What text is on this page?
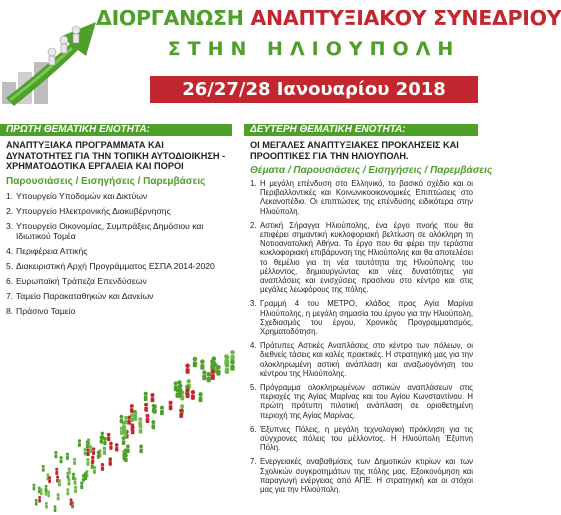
ΔΙΟΡΓΑΝΩΣΗ ΑΝΑΠΤΥΞΙΑΚΟΥ ΣΥΝΕΔΡΙΟΥ
ΣΤΗΝ ΗΛΙΟΥΠΟΛΗ
26/27/28 Ιανουαρίου 2018
ΠΡΩΤΗ ΘΕΜΑΤΙΚΗ ΕΝΟΤΗΤΑ:
ΑΝΑΠΤΥΞΙΑΚΑ ΠΡΟΓΡΑΜΜΑΤΑ ΚΑΙ ΔΥΝΑΤΟΤΗΤΕΣ ΓΙΑ ΤΗΝ ΤΟΠΙΚΗ ΑΥΤΟΔΙΟΙΚΗΣΗ - ΧΡΗΜΑΤΟΔΟΤΙΚΑ ΕΡΓΑΛΕΙΑ ΚΑΙ ΠΟΡΟΙ
Παρουσιάσεις / Εισηγήσεις / Παρεμβάσεις
1. Υπουργείο Υποδομών και Δικτύων
2. Υπουργείο Ηλεκτρονικής Διακυβέρνησης
3. Υπουργείο Οικονομίας, Συμπράξεις Δημόσιου και Ιδιωτικού Τομέα
4. Περιφέρεια Αττικής
5. Διακειριστική Αρχή Προγράμματος ΕΣΠΑ 2014-2020
6. Ευρωπαϊκή Τράπεζα Επενδύσεων
7. Ταμείο Παρακαταθηκών και Δανείων
8. Πράσινο Ταμείο
ΔΕΥΤΕΡΗ ΘΕΜΑΤΙΚΗ ΕΝΟΤΗΤΑ:
ΟΙ ΜΕΓΑΛΕΣ ΑΝΑΠΤΥΞΙΑΚΕΣ ΠΡΟΚΛΗΣΕΙΣ ΚΑΙ ΠΡΟΟΠΤΙΚΕΣ ΓΙΑ ΤΗΝ ΗΛΙΟΥΠΟΛΗ.
Θέματα / Παρουσιάσεις / Εισηγήσεις / Παρεμβάσεις
1. Η μεγάλη επένδυση στο Ελληνικό, το βασικό σχέδιο και οι Περιβαλλοντικές και Κοινωνικοοικονομικές Επιπτώσεις στο Λεκανοπέδιο. Οι επιπτώσεις της επένδυσης ειδικότερα στην Ηλιούπολη.
2. Αστική Σήραγγα Ηλιούπολης, ένα έργο πνοής που θα επιφέρει σημαντική κυκλοφοριακή βελτίωση σε ολόκληρη τη Νοτιοανατολική Αθήνα. Το έργο που θα φέρει την τεράστια κυκλοφοριακή επιβάρυνση της Ηλιούπολης και θα αποτελέσει το θεμέλιο για τη νέα ταυτότητα της Ηλιούπολης του μέλλοντος, δημιουργώντας και νέες δυνατότητες για αναπλάσεις και ενισχύσεις πρασίνου στο κέντρο και στις μεγάλες λεωφόρους της πόλης.
3. Γραμμή 4 του ΜΕΤΡΟ, κλάδος προς Αγία Μαρίνα Ηλιούπολης, η μεγάλη σημασία του έργου για την Ηλιούπολη, Σχεδιασμός του έργου, Χρονικός Προγραμματισμός, Χρηματοδότηση.
4. Πρότυπες Αστικές Αναπλάσεις στο κέντρο των πόλεων, οι διεθνείς τάσεις και καλές πρακτικές. Η στρατηγική μας για την ολοκληρωμένη αστική ανάπλαση και αναζωογόνηση του κέντρου της Ηλιούπολης.
5. Πρόγραμμα ολοκληρωμένων αστικών αναπλάσεων στις περιοχές της Αγίας Μαρίνας και του Αγίου Κωνσταντίνου. Η πρώτη πρότυπη πιλοτική ανάπλαση σε οριοθετημένη περιοχή της Αγίας Μαρίνας.
6. Έξυπνες Πόλεις, η μεγάλη τεχνολογική πρόκληση για τις σύγχρονες πόλεις του μέλλοντος. Η Ηλιούπολη Έξυπνη Πόλη.
7. Ενεργειακές αναβαθμίσεις των Δημοτικών κτιρίων και των Σχολικών συγκροτημάτων της πόλης μας. Εξοικονόμηση και παραγωγή ενέργειας από ΑΠΕ. Η στρατηγική και οι στόχοι μας για την Ηλιούπολη.
